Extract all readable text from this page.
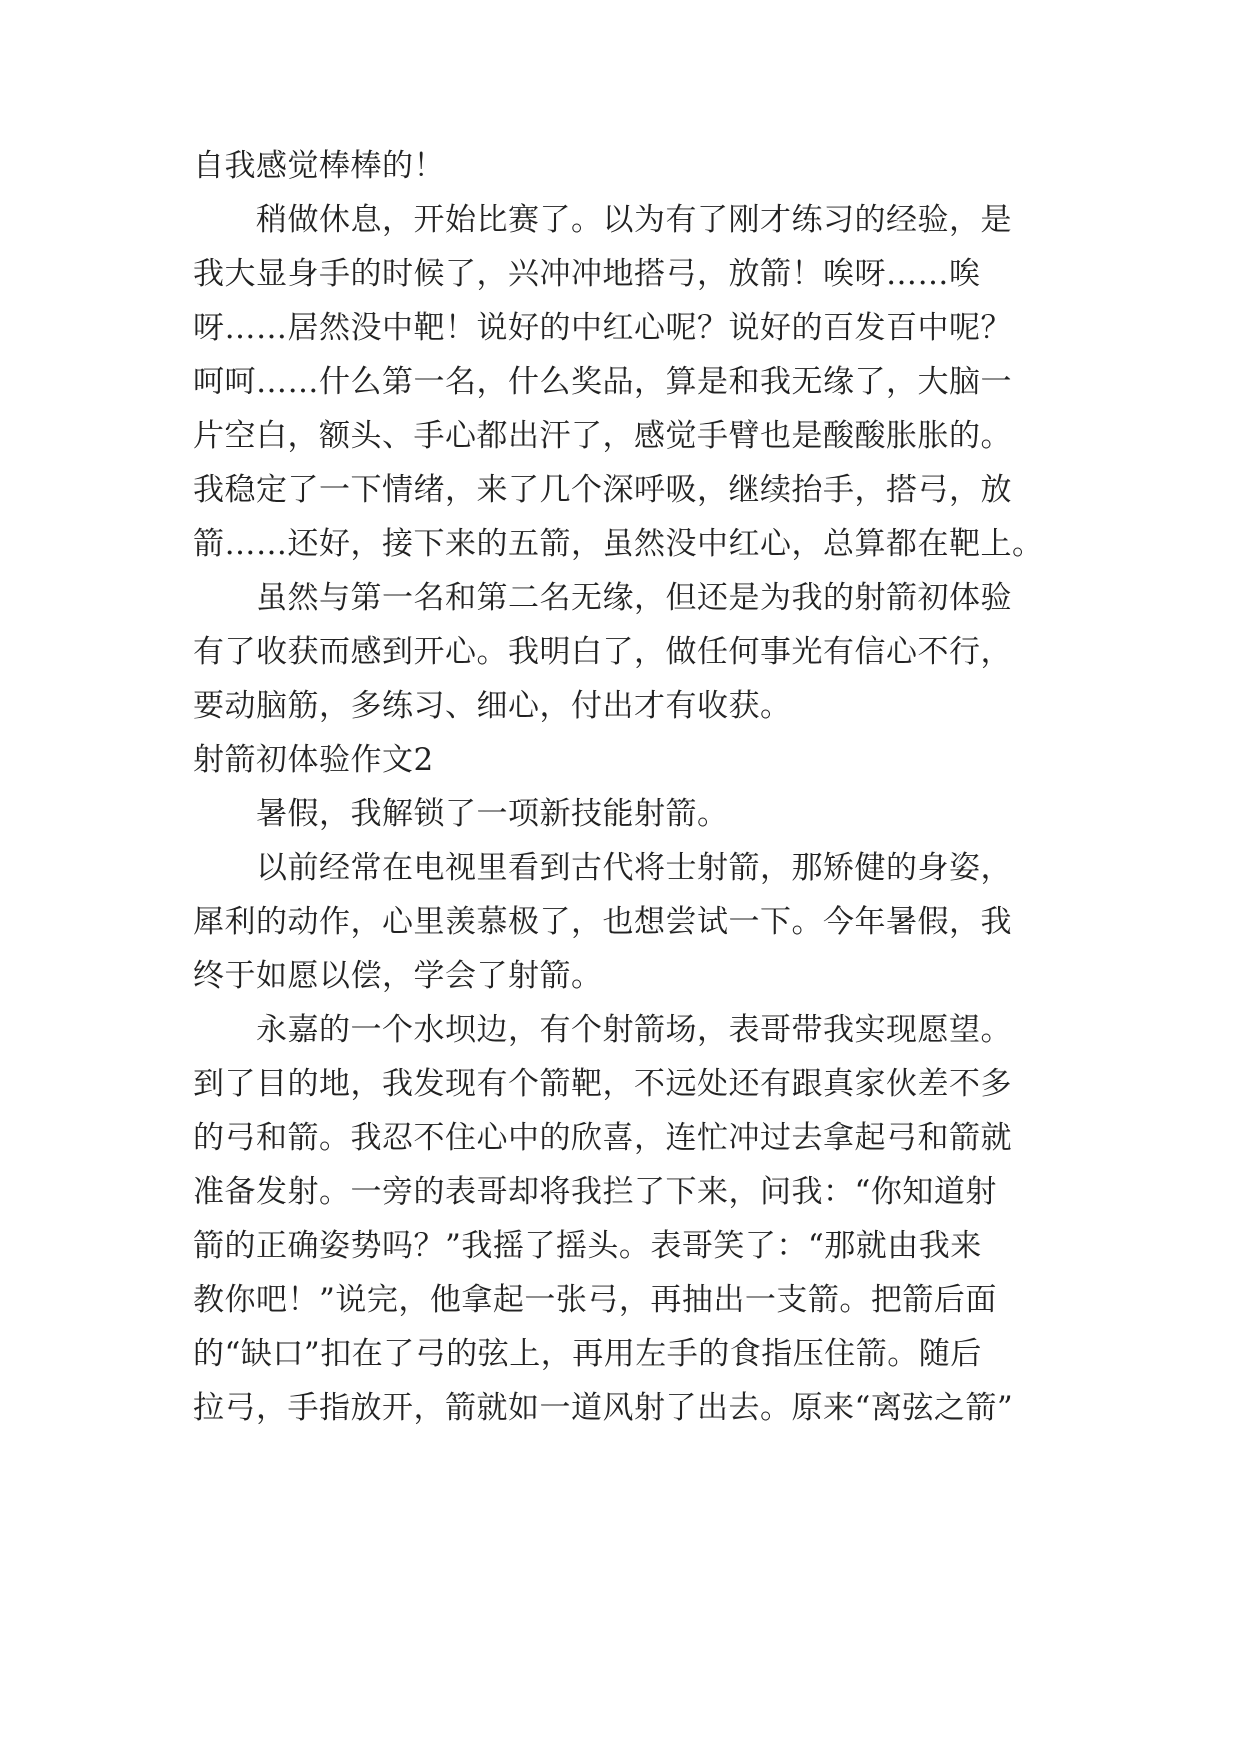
自我感觉棒棒的！
　　稍做休息，开始比赛了。以为有了刚才练习的经验，是
我大显身手的时候了，兴冲冲地搭弓，放箭！唉呀……唉
呀……居然没中靶！说好的中红心呢？说好的百发百中呢？
呵呵……什么第一名，什么奖品，算是和我无缘了，大脑一
片空白，额头、手心都出汗了，感觉手臂也是酸酸胀胀的。
我稳定了一下情绪，来了几个深呼吸，继续抬手，搭弓，放
箭……还好，接下来的五箭，虽然没中红心，总算都在靶上。
　　虽然与第一名和第二名无缘，但还是为我的射箭初体验
有了收获而感到开心。我明白了，做任何事光有信心不行，
要动脑筋，多练习、细心，付出才有收获。
射箭初体验作文2
　　暑假，我解锁了一项新技能射箭。
　　以前经常在电视里看到古代将士射箭，那矫健的身姿，
犀利的动作，心里羡慕极了，也想尝试一下。今年暑假，我
终于如愿以偿，学会了射箭。
　　永嘉的一个水坝边，有个射箭场，表哥带我实现愿望。
到了目的地，我发现有个箭靶，不远处还有跟真家伙差不多
的弓和箭。我忍不住心中的欣喜，连忙冲过去拿起弓和箭就
准备发射。一旁的表哥却将我拦了下来，问我：“你知道射
箭的正确姿势吗？”我摇了摇头。表哥笑了：“那就由我来
教你吧！”说完，他拿起一张弓，再抽出一支箭。把箭后面
的“缺口”扣在了弓的弦上，再用左手的食指压住箭。随后
拉弓，手指放开，箭就如一道风射了出去。原来“离弦之箭”
